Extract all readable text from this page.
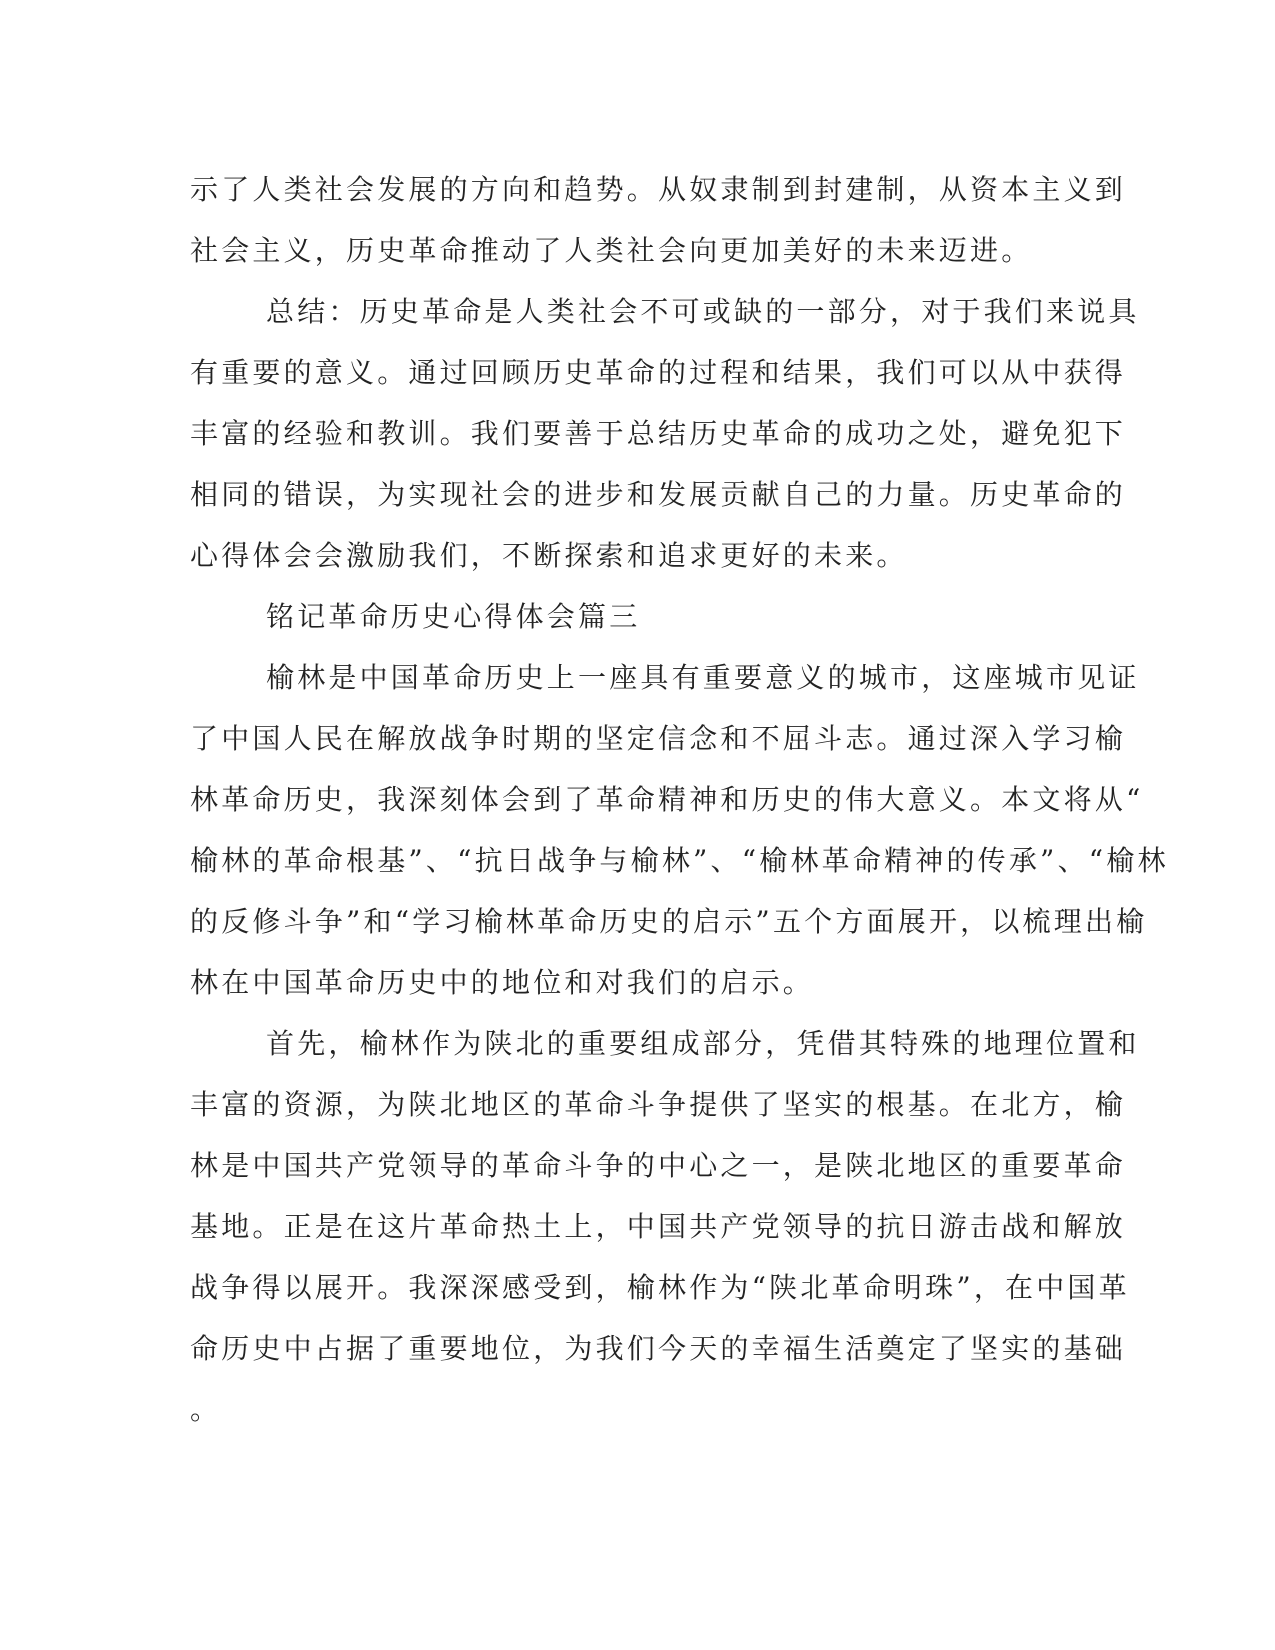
示了人类社会发展的方向和趋势。从奴隶制到封建制，从资本主义到
社会主义，历史革命推动了人类社会向更加美好的未来迈进。

总结：历史革命是人类社会不可或缺的一部分，对于我们来说具
有重要的意义。通过回顾历史革命的过程和结果，我们可以从中获得
丰富的经验和教训。我们要善于总结历史革命的成功之处，避免犯下
相同的错误，为实现社会的进步和发展贡献自己的力量。历史革命的
心得体会会激励我们，不断探索和追求更好的未来。

铭记革命历史心得体会篇三

榆林是中国革命历史上一座具有重要意义的城市，这座城市见证
了中国人民在解放战争时期的坚定信念和不屈斗志。通过深入学习榆
林革命历史，我深刻体会到了革命精神和历史的伟大意义。本文将从“
榆林的革命根基”、“抗日战争与榆林”、“榆林革命精神的传承”、“榆林
的反修斗争”和“学习榆林革命历史的启示”五个方面展开，以梳理出榆
林在中国革命历史中的地位和对我们的启示。

首先，榆林作为陕北的重要组成部分，凭借其特殊的地理位置和
丰富的资源，为陕北地区的革命斗争提供了坚实的根基。在北方，榆
林是中国共产党领导的革命斗争的中心之一，是陕北地区的重要革命
基地。正是在这片革命热土上，中国共产党领导的抗日游击战和解放
战争得以展开。我深深感受到，榆林作为“陕北革命明珠”，在中国革
命历史中占据了重要地位，为我们今天的幸福生活奠定了坚实的基础
。
